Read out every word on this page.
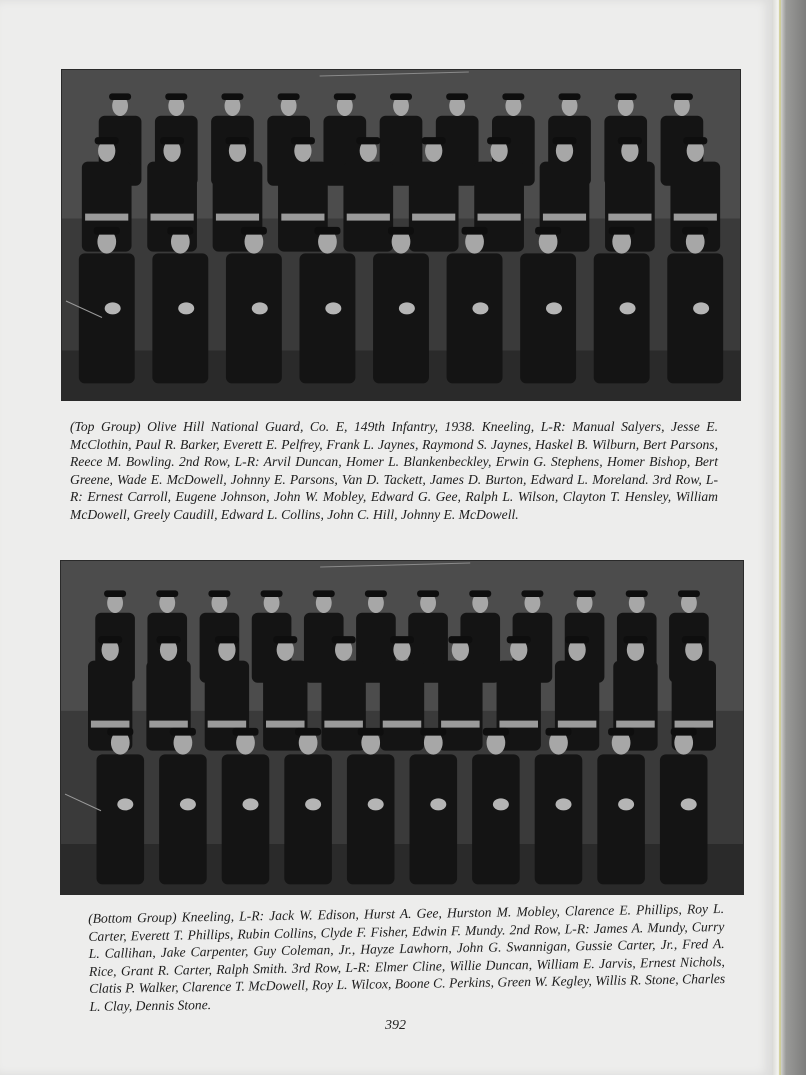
(Top Group) Olive Hill National Guard, Co. E, 149th Infantry, 1938. Kneeling, L-R: Manual Salyers, Jesse E. McClothin, Paul R. Barker, Everett E. Pelfrey, Frank L. Jaynes, Raymond S. Jaynes, Haskel B. Wilburn, Bert Parsons, Reece M. Bowling. 2nd Row, L-R: Arvil Duncan, Homer L. Blankenbeckley, Erwin G. Stephens, Homer Bishop, Bert Greene, Wade E. McDowell, Johnny E. Parsons, Van D. Tackett, James D. Burton, Edward L. Moreland. 3rd Row, L-R: Ernest Carroll, Eugene Johnson, John W. Mobley, Edward G. Gee, Ralph L. Wilson, Clayton T. Hensley, William McDowell, Greely Caudill, Edward L. Collins, John C. Hill, Johnny E. McDowell.

(Bottom Group) Kneeling, L-R: Jack W. Edison, Hurst A. Gee, Hurston M. Mobley, Clarence E. Phillips, Roy L. Carter, Everett T. Phillips, Rubin Collins, Clyde F. Fisher, Edwin F. Mundy. 2nd Row, L-R: James A. Mundy, Curry L. Callihan, Jake Carpenter, Guy Coleman, Jr., Hayze Lawhorn, John G. Swannigan, Gussie Carter, Jr., Fred A. Rice, Grant R. Carter, Ralph Smith. 3rd Row, L-R: Elmer Cline, Willie Duncan, William E. Jarvis, Ernest Nichols, Clatis P. Walker, Clarence T. McDowell, Roy L. Wilcox, Boone C. Perkins, Green W. Kegley, Willis R. Stone, Charles L. Clay, Dennis Stone.

392
